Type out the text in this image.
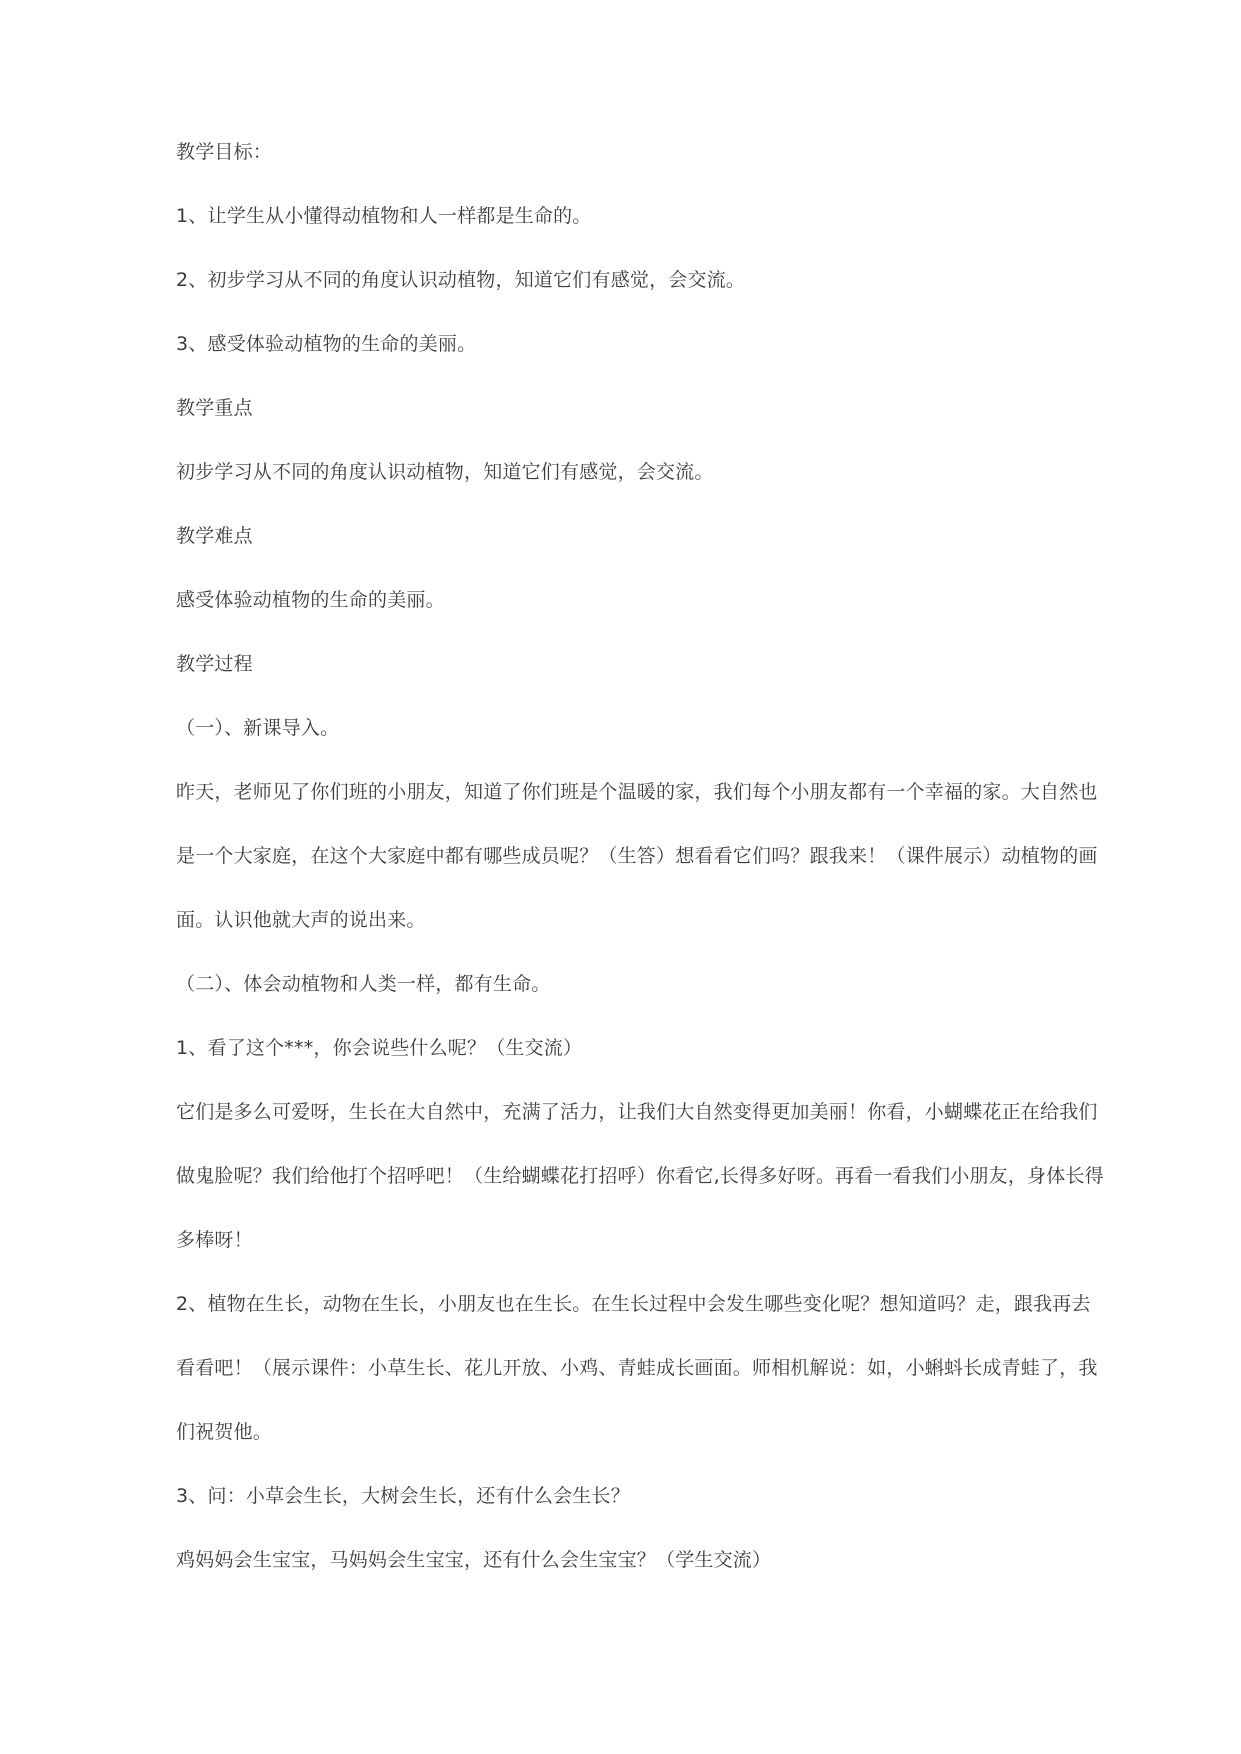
教学目标：
1、让学生从小懂得动植物和人一样都是生命的。
2、初步学习从不同的角度认识动植物，知道它们有感觉，会交流。
3、感受体验动植物的生命的美丽。
教学重点
初步学习从不同的角度认识动植物，知道它们有感觉，会交流。
教学难点
感受体验动植物的生命的美丽。
教学过程
（一）、新课导入。
昨天，老师见了你们班的小朋友，知道了你们班是个温暖的家，我们每个小朋友都有一个幸福的家。大自然也
是一个大家庭，在这个大家庭中都有哪些成员呢？（生答）想看看它们吗？跟我来！（课件展示）动植物的画
面。认识他就大声的说出来。
（二）、体会动植物和人类一样，都有生命。
1、看了这个***，你会说些什么呢？（生交流）
它们是多么可爱呀，生长在大自然中，充满了活力，让我们大自然变得更加美丽！你看，小蝴蝶花正在给我们
做鬼脸呢？我们给他打个招呼吧！（生给蝴蝶花打招呼）你看它,长得多好呀。再看一看我们小朋友，身体长得
多棒呀！
2、植物在生长，动物在生长，小朋友也在生长。在生长过程中会发生哪些变化呢？想知道吗？走，跟我再去
看看吧！（展示课件：小草生长、花儿开放、小鸡、青蛙成长画面。师相机解说：如，小蝌蚪长成青蛙了，我
们祝贺他。
3、问：小草会生长，大树会生长，还有什么会生长？
鸡妈妈会生宝宝，马妈妈会生宝宝，还有什么会生宝宝？（学生交流）
